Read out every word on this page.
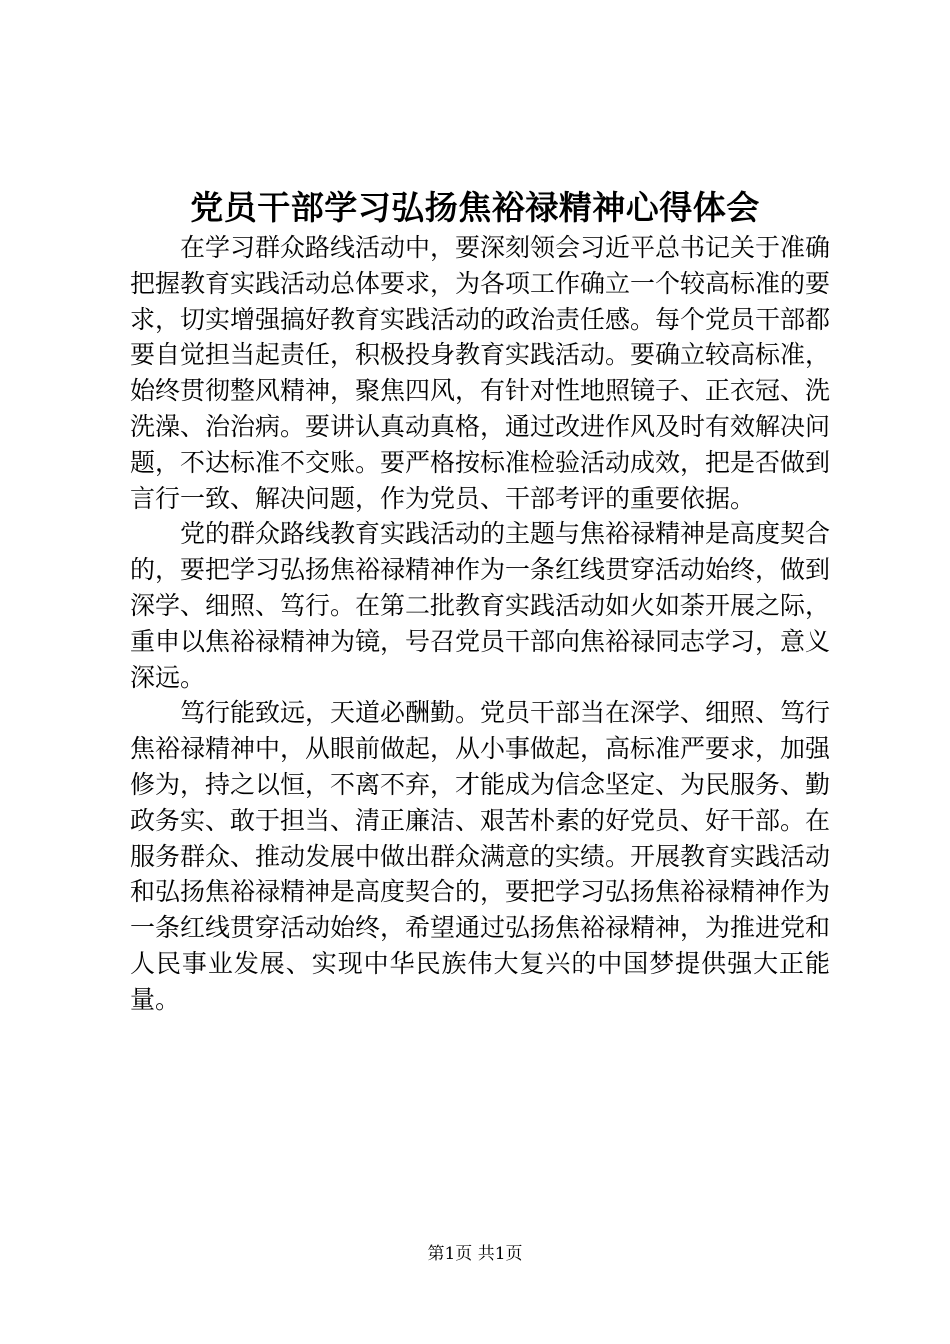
党员干部学习弘扬焦裕禄精神心得体会

在学习群众路线活动中，要深刻领会习近平总书记关于准确把握教育实践活动总体要求，为各项工作确立一个较高标准的要求，切实增强搞好教育实践活动的政治责任感。每个党员干部都要自觉担当起责任，积极投身教育实践活动。要确立较高标准，始终贯彻整风精神，聚焦四风，有针对性地照镜子、正衣冠、洗洗澡、治治病。要讲认真动真格，通过改进作风及时有效解决问题，不达标准不交账。要严格按标准检验活动成效，把是否做到言行一致、解决问题，作为党员、干部考评的重要依据。

党的群众路线教育实践活动的主题与焦裕禄精神是高度契合的，要把学习弘扬焦裕禄精神作为一条红线贯穿活动始终，做到深学、细照、笃行。在第二批教育实践活动如火如荼开展之际，重申以焦裕禄精神为镜，号召党员干部向焦裕禄同志学习，意义深远。

笃行能致远，天道必酬勤。党员干部当在深学、细照、笃行焦裕禄精神中，从眼前做起，从小事做起，高标准严要求，加强修为，持之以恒，不离不弃，才能成为信念坚定、为民服务、勤政务实、敢于担当、清正廉洁、艰苦朴素的好党员、好干部。在服务群众、推动发展中做出群众满意的实绩。开展教育实践活动和弘扬焦裕禄精神是高度契合的，要把学习弘扬焦裕禄精神作为一条红线贯穿活动始终，希望通过弘扬焦裕禄精神，为推进党和人民事业发展、实现中华民族伟大复兴的中国梦提供强大正能量。

第1页 共1页
